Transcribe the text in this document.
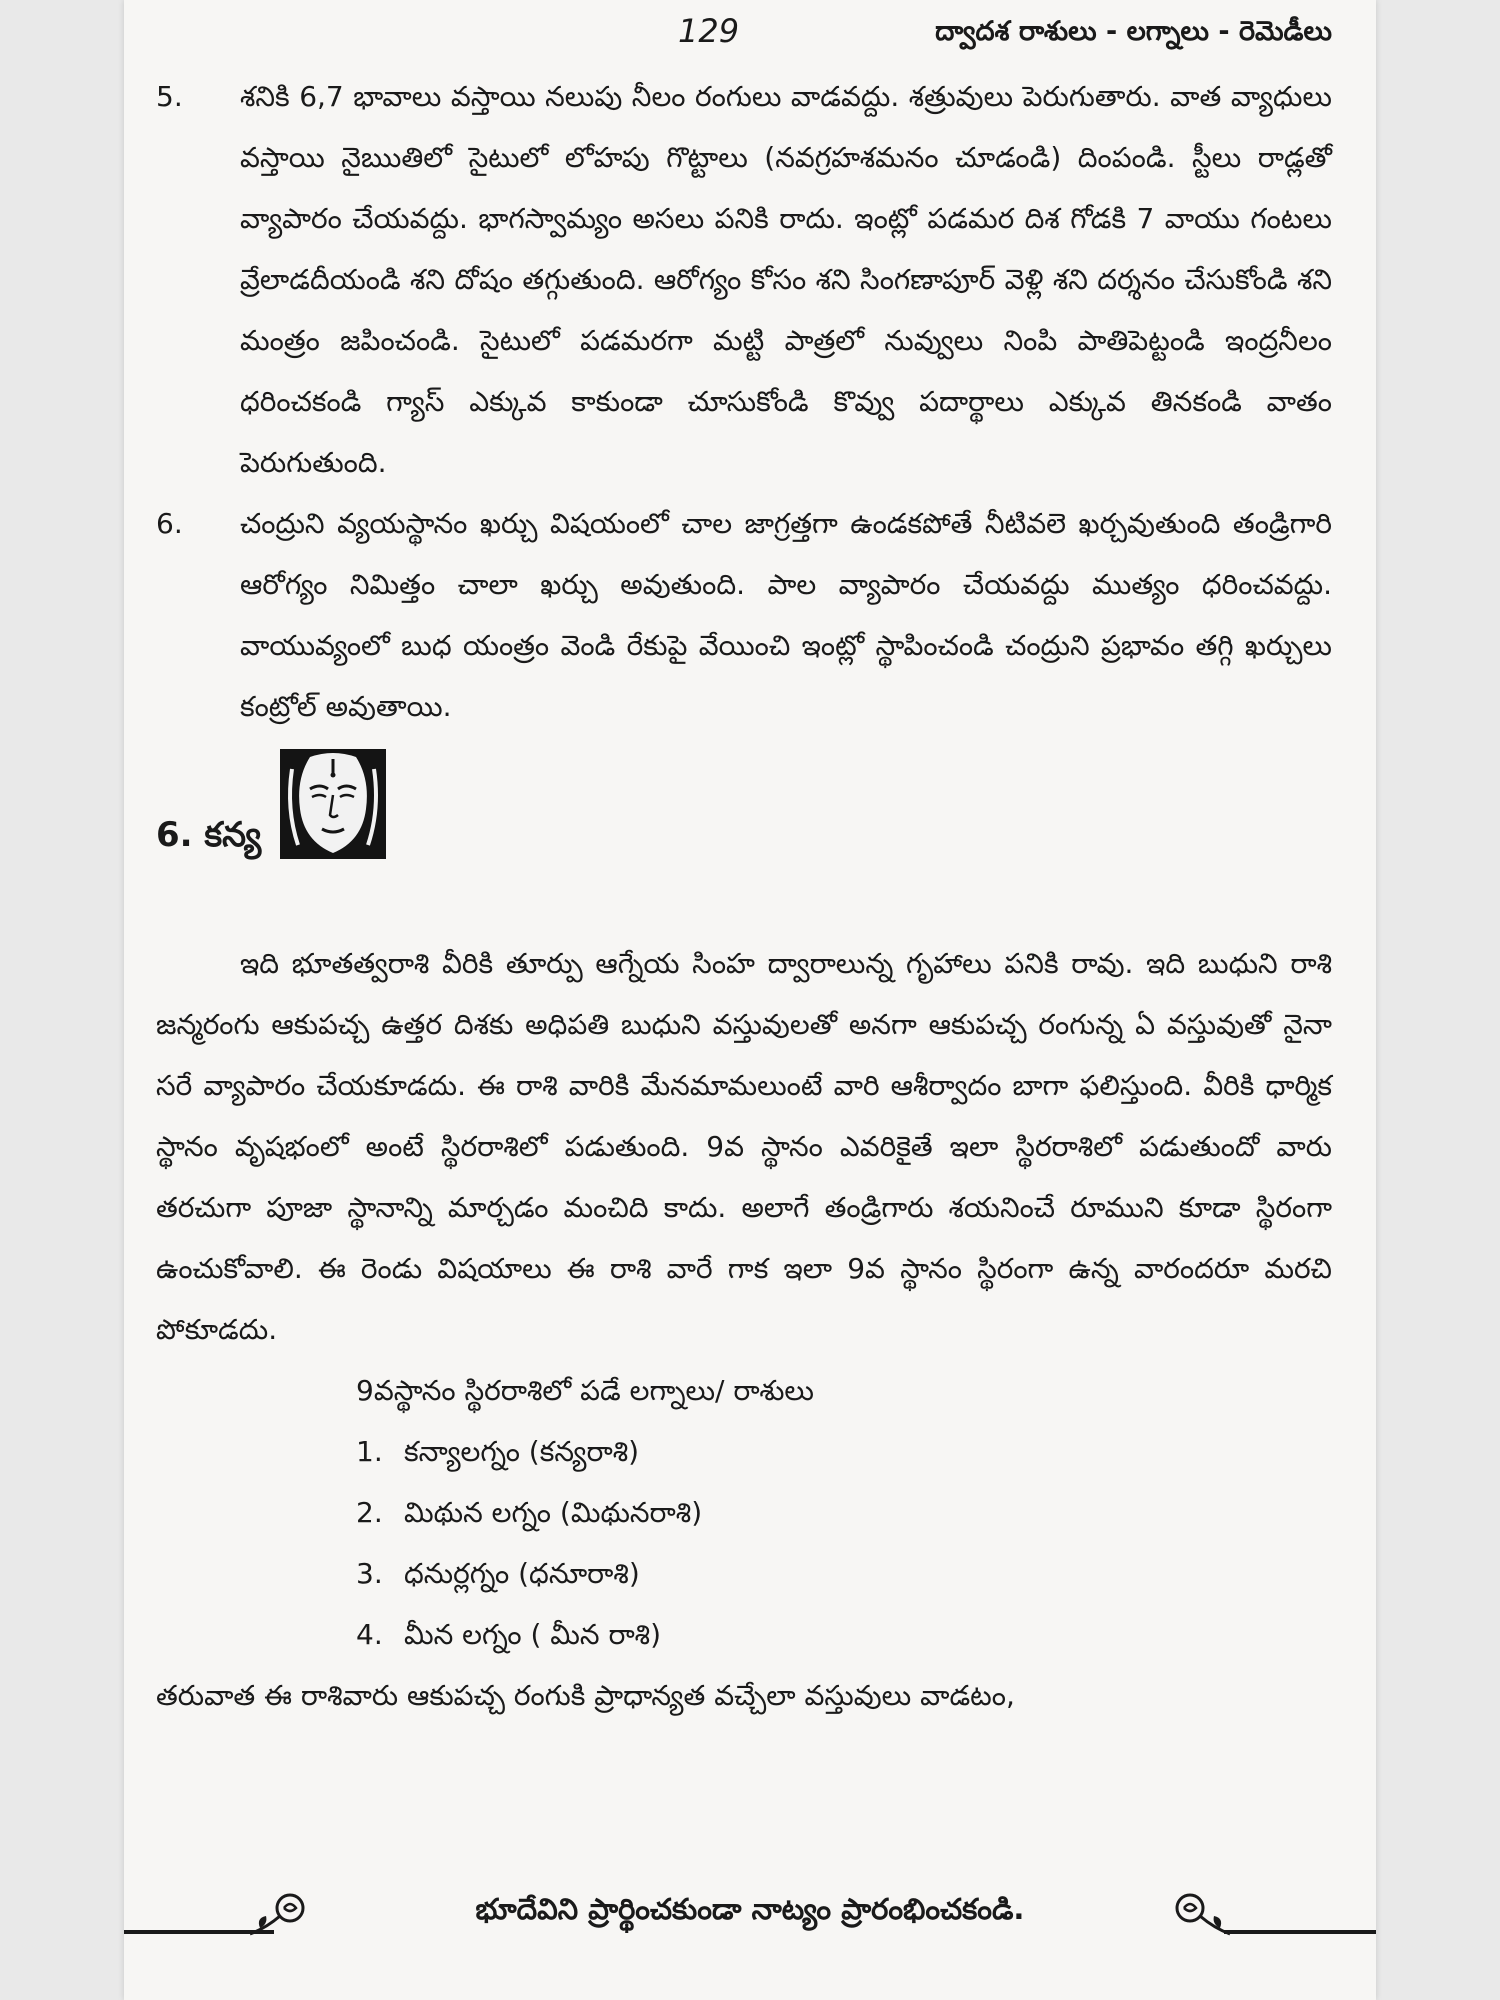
129	ద్వాదశ రాశులు - లగ్నాలు - రెమెడీలు
5. శనికి 6,7 భావాలు వస్తాయి నలుపు నీలం రంగులు వాడవద్దు. శత్రువులు పెరుగుతారు. వాత వ్యాధులు వస్తాయి నైఋతిలో సైటులో లోహపు గొట్టాలు (నవగ్రహశమనం చూడండి) దింపండి. స్టీలు రాడ్లతో వ్యాపారం చేయవద్దు. భాగస్వామ్యం అసలు పనికి రాదు. ఇంట్లో పడమర దిశ గోడకి 7 వాయు గంటలు వ్రేలాడదీయండి శని దోషం తగ్గుతుంది. ఆరోగ్యం కోసం శని సింగణాపూర్ వెళ్లి శని దర్శనం చేసుకోండి శని మంత్రం జపించండి. సైటులో పడమరగా మట్టి పాత్రలో నువ్వులు నింపి పాతిపెట్టండి ఇంద్రనీలం ధరించకండి గ్యాస్ ఎక్కువ కాకుండా చూసుకోండి కొవ్వు పదార్థాలు ఎక్కువ తినకండి వాతం పెరుగుతుంది.
6. చంద్రుని వ్యయస్థానం ఖర్చు విషయంలో చాల జాగ్రత్తగా ఉండకపోతే నీటివలె ఖర్చవుతుంది తండ్రిగారి ఆరోగ్యం నిమిత్తం చాలా ఖర్చు అవుతుంది. పాల వ్యాపారం చేయవద్దు ముత్యం ధరించవద్దు. వాయువ్యంలో బుధ యంత్రం వెండి రేకుపై వేయించి ఇంట్లో స్థాపించండి చంద్రుని ప్రభావం తగ్గి ఖర్చులు కంట్రోల్ అవుతాయి.
6. కన్య
ఇది భూతత్వరాశి వీరికి తూర్పు ఆగ్నేయ సింహ ద్వారాలున్న గృహాలు పనికి రావు. ఇది బుధుని రాశి జన్మరంగు ఆకుపచ్చ ఉత్తర దిశకు అధిపతి బుధుని వస్తువులతో అనగా ఆకుపచ్చ రంగున్న ఏ వస్తువుతో నైనా సరే వ్యాపారం చేయకూడదు. ఈ రాశి వారికి మేనమామలుంటే వారి ఆశీర్వాదం బాగా ఫలిస్తుంది. వీరికి ధార్మిక స్థానం వృషభంలో అంటే స్థిరరాశిలో పడుతుంది. 9వ స్థానం ఎవరికైతే ఇలా స్థిరరాశిలో పడుతుందో వారు తరచుగా పూజా స్థానాన్ని మార్చడం మంచిది కాదు. అలాగే తండ్రిగారు శయనించే రూముని కూడా స్థిరంగా ఉంచుకోవాలి. ఈ రెండు విషయాలు ఈ రాశి వారే గాక ఇలా 9వ స్థానం స్థిరంగా ఉన్న వారందరూ మరచి పోకూడదు.
9వస్థానం స్థిరరాశిలో పడే లగ్నాలు/ రాశులు
1. కన్యాలగ్నం (కన్యరాశి)
2. మిథున లగ్నం (మిథునరాశి)
3. ధనుర్లగ్నం (ధనూరాశి)
4. మీన లగ్నం ( మీన రాశి)
తరువాత ఈ రాశివారు ఆకుపచ్చ రంగుకి ప్రాధాన్యత వచ్చేలా వస్తువులు వాడటం,
భూదేవిని ప్రార్థించకుండా నాట్యం ప్రారంభించకండి.
